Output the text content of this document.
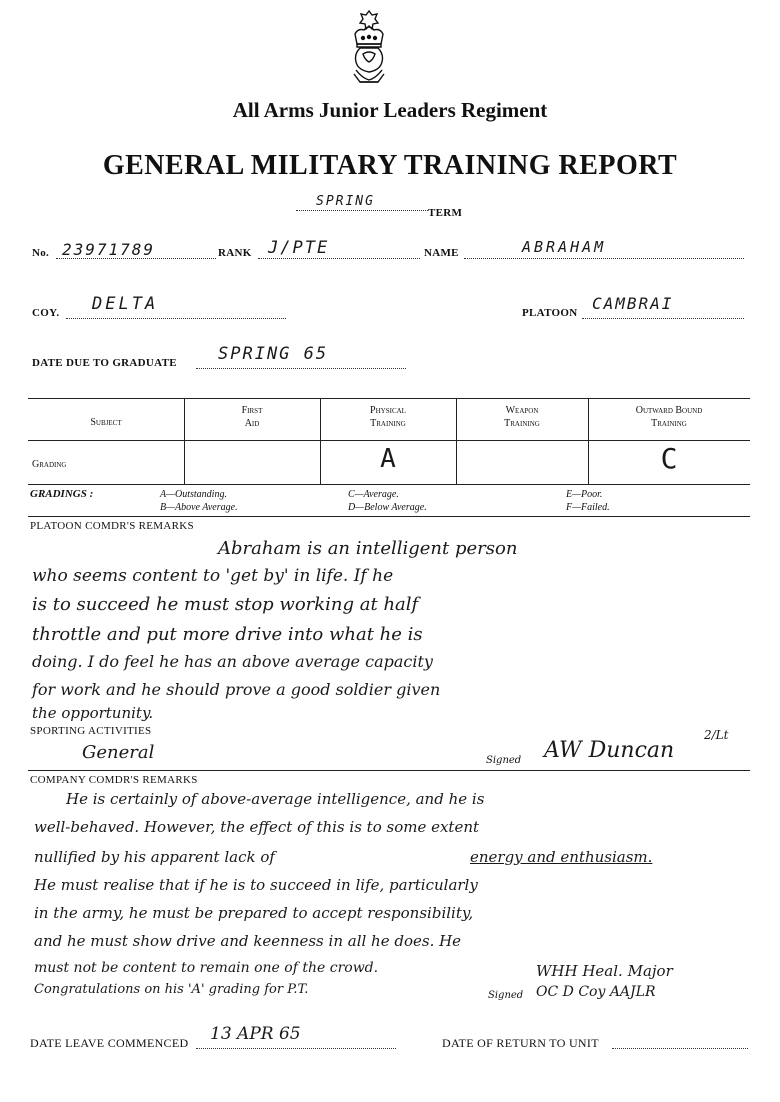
All Arms Junior Leaders Regiment
GENERAL MILITARY TRAINING REPORT
SPRING
TERM
No. 23971789	RANK J/PTE	NAME	ABRAHAM
COY. DELTA	PLATOON CAMBRAI
DATE DUE TO GRADUATE SPRING 65
Subject
First
Aid
Physical
Training
Weapon
Training
Outward Bound
Training
Grading	A	C
GRADINGS :	A—Outstanding.
B—Above Average.
C—Average.
D—Below Average.
E—Poor.
F—Failed.
PLATOON COMDR'S REMARKS
Abraham is an intelligent person
who seems content to 'get by' in life. If he
is to succeed he must stop working at half
throttle and put more drive into what he is
doing. I do feel he has an above average capacity
for work and he should prove a good soldier given
the opportunity.
SPORTING ACTIVITIES
General	Signed AW Duncan
2/Lt
COMPANY COMDR'S REMARKS
He is certainly of above-average intelligence, and he is
well-behaved. However, the effect of this is to some extent
nullified by his apparent lack of	energy and enthusiasm.
He must realise that if he is to succeed in life, particularly
in the army, he must be prepared to accept responsibility,
and he must show drive and keenness in all he does. He
must not be content to remain one of the crowd.
Congratulations on his 'A' grading for P.T.	Signed
WHH Heal. Major
OC D Coy AAJLR
DATE LEAVE COMMENCED 13 APR 65	DATE OF RETURN TO UNIT
